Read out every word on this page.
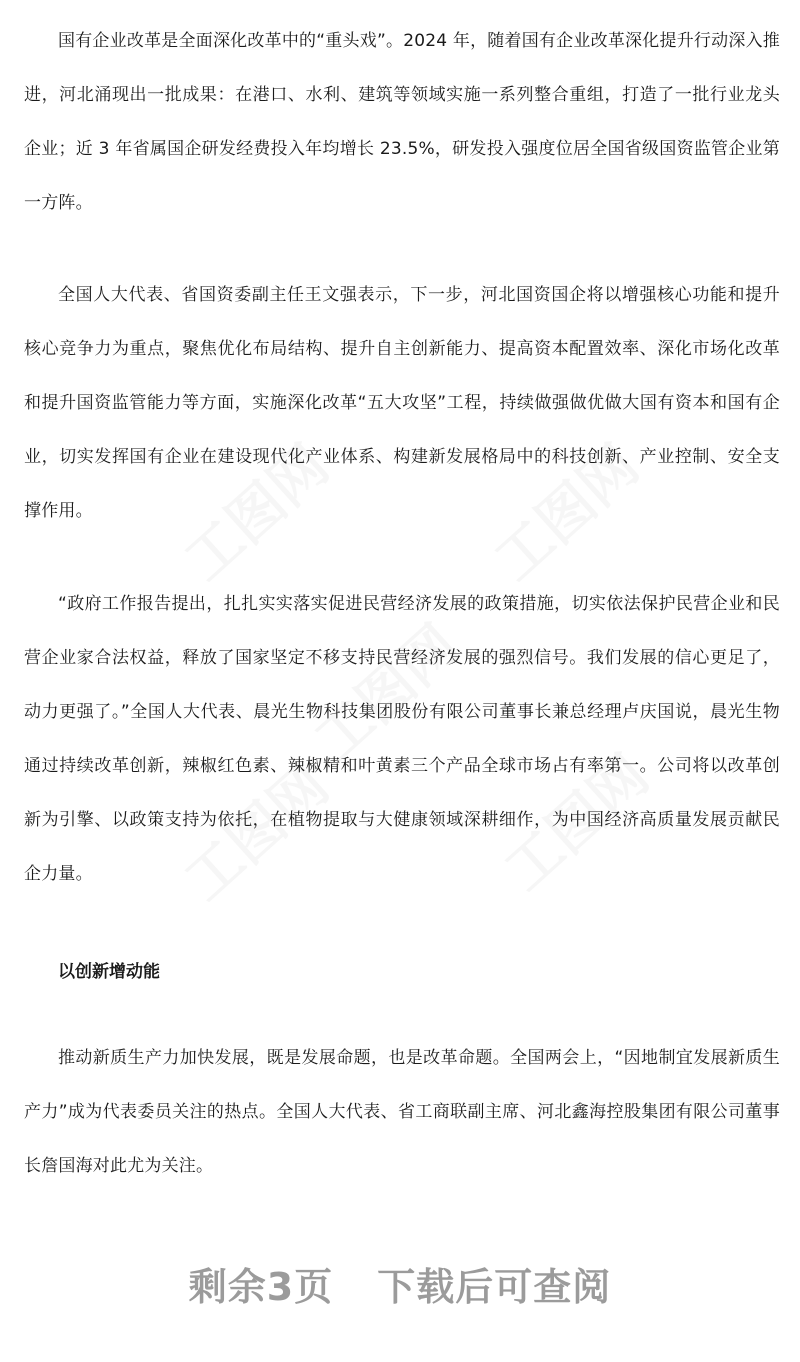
国有企业改革是全面深化改革中的“重头戏”。2024 年，随着国有企业改革深化提升行动深入推进，河北涌现出一批成果：在港口、水利、建筑等领域实施一系列整合重组，打造了一批行业龙头企业；近 3 年省属国企研发经费投入年均增长 23.5%，研发投入强度位居全国省级国资监管企业第一方阵。

全国人大代表、省国资委副主任王文强表示，下一步，河北国资国企将以增强核心功能和提升核心竞争力为重点，聚焦优化布局结构、提升自主创新能力、提高资本配置效率、深化市场化改革和提升国资监管能力等方面，实施深化改革“五大攻坚”工程，持续做强做优做大国有资本和国有企业，切实发挥国有企业在建设现代化产业体系、构建新发展格局中的科技创新、产业控制、安全支撑作用。

“政府工作报告提出，扎扎实实落实促进民营经济发展的政策措施，切实依法保护民营企业和民营企业家合法权益，释放了国家坚定不移支持民营经济发展的强烈信号。我们发展的信心更足了，动力更强了。”全国人大代表、晨光生物科技集团股份有限公司董事长兼总经理卢庆国说，晨光生物通过持续改革创新，辣椒红色素、辣椒精和叶黄素三个产品全球市场占有率第一。公司将以改革创新为引擎、以政策支持为依托，在植物提取与大健康领域深耕细作，为中国经济高质量发展贡献民企力量。

以创新增动能

推动新质生产力加快发展，既是发展命题，也是改革命题。全国两会上，“因地制宜发展新质生产力”成为代表委员关注的热点。全国人大代表、省工商联副主席、河北鑫海控股集团有限公司董事长詹国海对此尤为关注。

剩余3页 下载后可查阅
